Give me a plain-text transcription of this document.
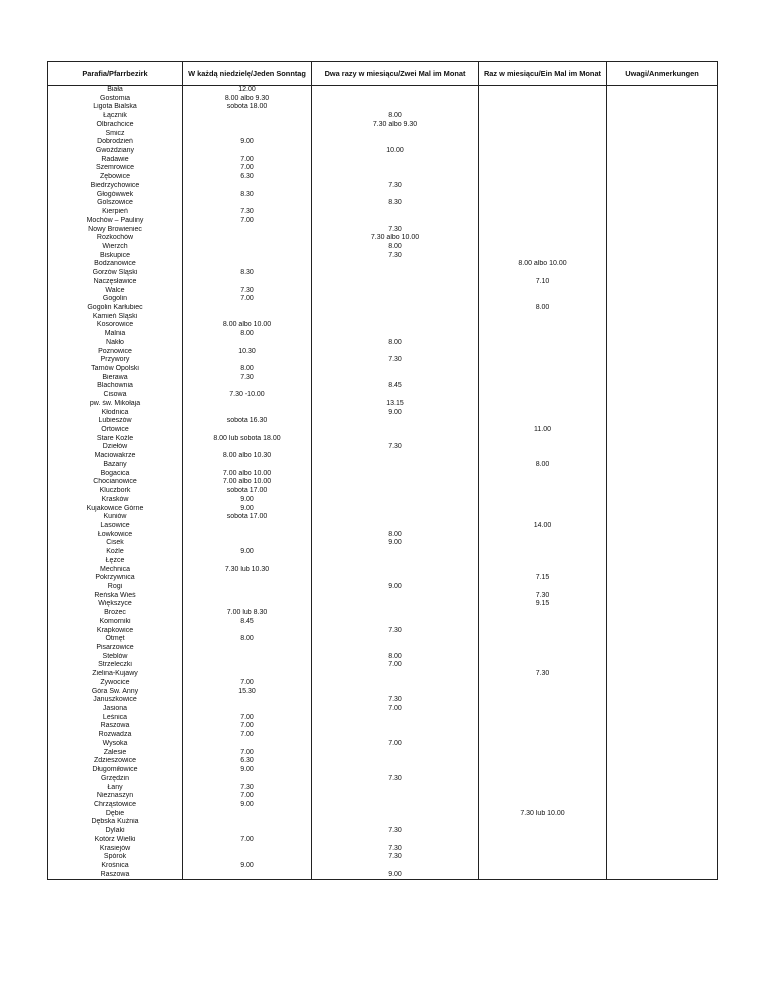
Parafia/Pfarrbezirk	W każdą niedzielę/Jeden Sonntag	Dwa razy w miesiącu/Zwei Mal im Monat	Raz w miesiącu/Ein Mal im Monat	Uwagi/Anmerkungen
Biała	12.00			
Gostomia	8.00 albo 9.30			
Ligota Bialska	sobota 18.00			
Łącznik		8.00		
Olbrachcice		7.30 albo 9.30		
Śmicz				
Dobrodzień	9.00			
Gwoździany		10.00		
Radawie	7.00			
Szemrowice	7.00			
Zębowice	6.30			
Biedrzychowice		7.30		
Głogówwek	8.30			
Golszowice		8.30		
Kierpień	7.30			
Mochów – Pauliny	7.00			
Nowy Browieniec		7.30		
Rozkochów		7.30 albo 10.00		
Wierzch		8.00		
Biskupice		7.30		
Bodzanowice			8.00 albo 10.00	
Gorzów Śląski	8.30			
Naczęsławice			7.10	
Walce	7.30			
Gogolin	7.00			
Gogolin Karłubiec			8.00	
Kamień Śląski				
Kosorowice	8.00 albo 10.00			
Malnia	8.00			
Nakło		8.00		
Poznowice	10.30			
Przywory		7.30		
Tarnów Opolski	8.00			
Bierawa	7.30			
Blachownia		8.45		
Cisowa	7.30 -10.00			
pw. św. Mikołaja		13.15		
Kłodnica		9.00		
Lubieszów	sobota 16.30			
Ortowice			11.00	
Stare Koźle	8.00 lub sobota 18.00			
Dziełów		7.30		
Maciowakrze	8.00 albo 10.30			
Bazany			8.00	
Bogacica	7.00 albo 10.00			
Chocianowice	7.00 albo 10.00			
Kluczbork	sobota 17.00			
Krasków	9.00			
Kujakowice Górne	9.00			
Kuniów	sobota 17.00			
Lasowice			14.00	
Łowkowice		8.00		
Cisek		9.00		
Koźle	9.00			
Łężce				
Mechnica	7.30 lub 10.30			
Pokrzywnica			7.15	
Rogi		9.00		
Reńska Wieś			7.30	
Większyce			9.15	
Brożec	7.00 lub 8.30			
Komorniki	8.45			
Krapkowice		7.30		
Otmęt	8.00			
Pisarzowice				
Steblów		8.00		
Strzeleczki		7.00		
Zielina-Kujawy			7.30	
Żywocice	7.00			
Góra Św. Anny	15.30			
Januszkowice		7.30		
Jasiona		7.00		
Leśnica	7.00			
Raszowa	7.00			
Rozwadza	7.00			
Wysoka		7.00		
Zalesie	7.00			
Zdzieszowice	6.30			
Długomiłowice	9.00			
Grzędzin		7.30		
Łany	7.30			
Nieznaszyn	7.00			
Chrząstowice	9.00			
Dębie			7.30 lub 10.00	
Dębska Kuźnia				
Dylaki		7.30		
Kotórz Wielki	7.00			
Krasiejów		7.30		
Spórok		7.30		
Krośnica	9.00			
Raszowa		9.00		
